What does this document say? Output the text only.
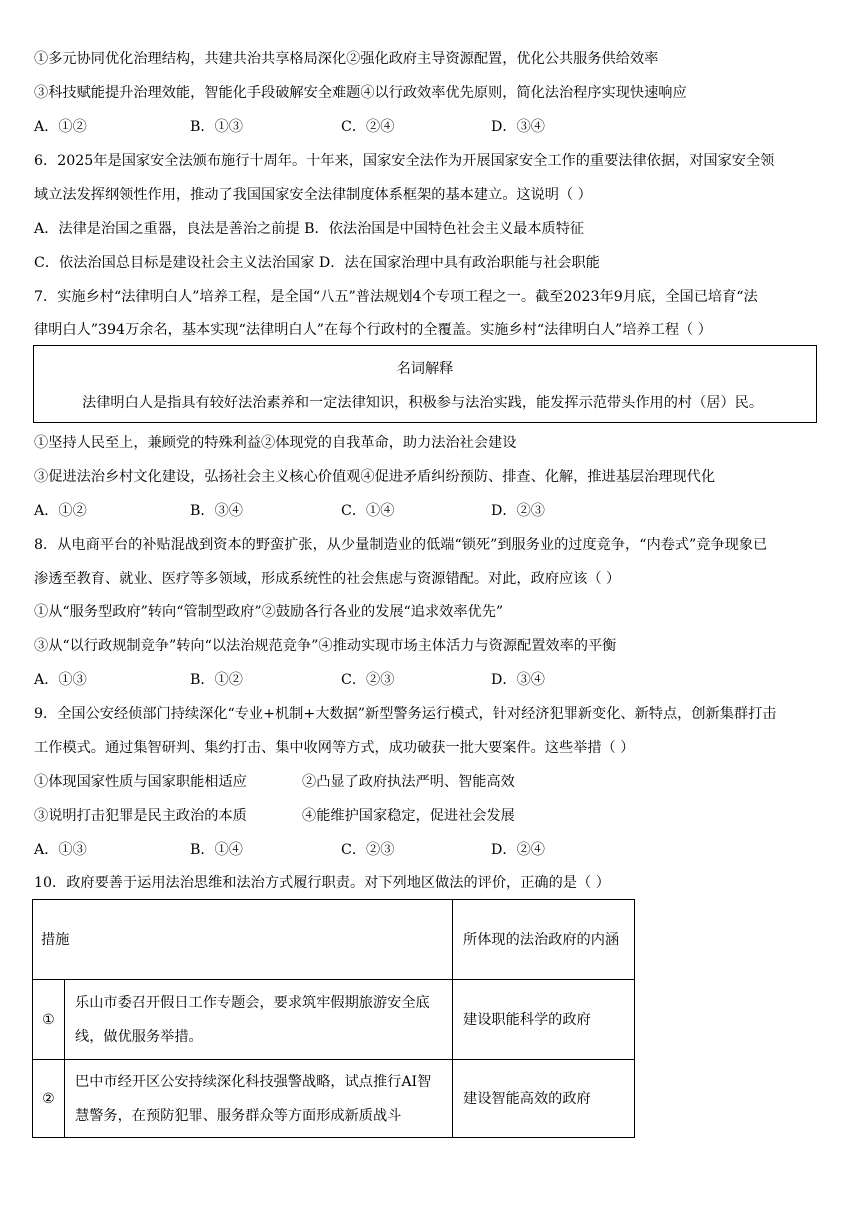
①多元协同优化治理结构，共建共治共享格局深化②强化政府主导资源配置，优化公共服务供给效率
③科技赋能提升治理效能，智能化手段破解安全难题④以行政效率优先原则，简化法治程序实现快速响应
A．①②	B．①③	C．②④	D．③④
6．2025年是国家安全法颁布施行十周年。十年来，国家安全法作为开展国家安全工作的重要法律依据，对国家安全领
域立法发挥纲领性作用，推动了我国国家安全法律制度体系框架的基本建立。这说明（ ）
A．法律是治国之重器，良法是善治之前提 B．依法治国是中国特色社会主义最本质特征
C．依法治国总目标是建设社会主义法治国家 D．法在国家治理中具有政治职能与社会职能
7．实施乡村“法律明白人”培养工程，是全国“八五”普法规划4个专项工程之一。截至2023年9月底，全国已培育“法
律明白人”394万余名，基本实现“法律明白人”在每个行政村的全覆盖。实施乡村“法律明白人”培养工程（ ）
名词解释
法律明白人是指具有较好法治素养和一定法律知识，积极参与法治实践，能发挥示范带头作用的村（居）民。
①坚持人民至上，兼顾党的特殊利益②体现党的自我革命，助力法治社会建设
③促进法治乡村文化建设，弘扬社会主义核心价值观④促进矛盾纠纷预防、排查、化解，推进基层治理现代化
A．①②	B．③④	C．①④	D．②③
8．从电商平台的补贴混战到资本的野蛮扩张，从少量制造业的低端“锁死”到服务业的过度竞争，“内卷式”竞争现象已
渗透至教育、就业、医疗等多领域，形成系统性的社会焦虑与资源错配。对此，政府应该（ ）
①从“服务型政府”转向“管制型政府”②鼓励各行各业的发展“追求效率优先”
③从“以行政规制竞争”转向“以法治规范竞争”④推动实现市场主体活力与资源配置效率的平衡
A．①③	B．①②	C．②③	D．③④
9．全国公安经侦部门持续深化“专业+机制+大数据”新型警务运行模式，针对经济犯罪新变化、新特点，创新集群打击
工作模式。通过集智研判、集约打击、集中收网等方式，成功破获一批大要案件。这些举措（ ）
①体现国家性质与国家职能相适应	②凸显了政府执法严明、智能高效
③说明打击犯罪是民主政治的本质	④能维护国家稳定，促进社会发展
A．①③	B．①④	C．②③	D．②④
10．政府要善于运用法治思维和法治方式履行职责。对下列地区做法的评价，正确的是（ ）
措施		所体现的法治政府的内涵

①	乐山市委召开假日工作专题会，要求筑牢假期旅游安全底线，做优服务举措。	建设职能科学的政府

②	巴中市经开区公安持续深化科技强警战略，试点推行AI智慧警务，在预防犯罪、服务群众等方面形成新质战斗	建设智能高效的政府
